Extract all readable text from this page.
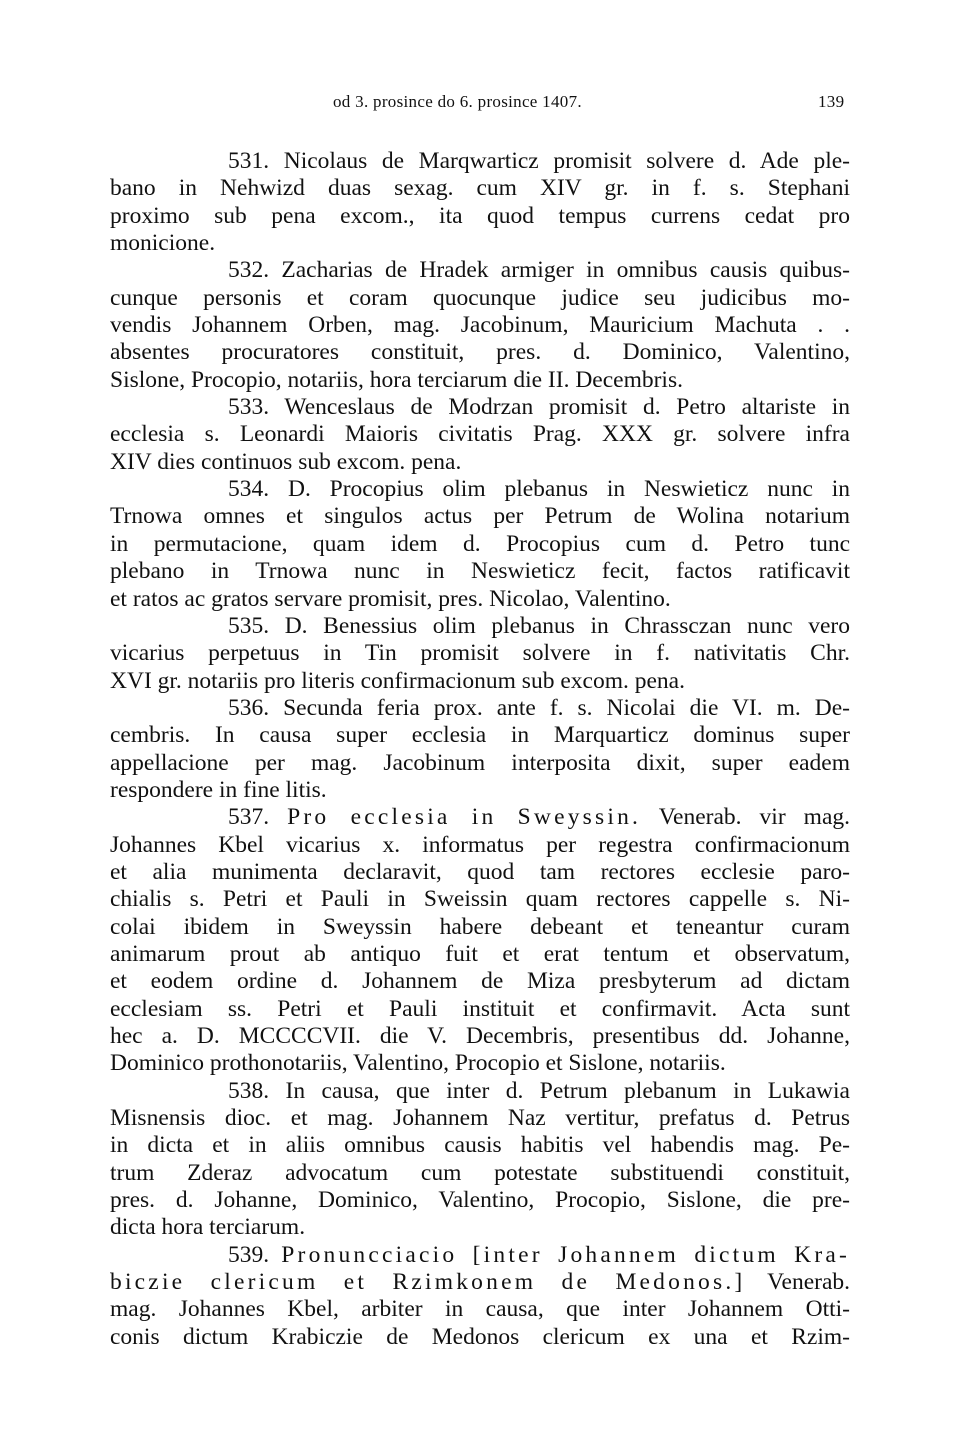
od 3. prosince do 6. prosince 1407.	139
531. Nicolaus de Marqwarticz promisit solvere d. Ade ple-
bano in Nehwizd duas sexag. cum XIV gr. in f. s. Stephani
proximo sub pena excom., ita quod tempus currens cedat pro
monicione.
532. Zacharias de Hradek armiger in omnibus causis quibus-
cunque personis et coram quocunque judice seu judicibus mo-
vendis Johannem Orben, mag. Jacobinum, Mauricium Machuta . .
absentes procuratores constituit, pres. d. Dominico, Valentino,
Sislone, Procopio, notariis, hora terciarum die II. Decembris.
533. Wenceslaus de Modrzan promisit d. Petro altariste in
ecclesia s. Leonardi Maioris civitatis Prag. XXX gr. solvere infra
XIV dies continuos sub excom. pena.
534. D. Procopius olim plebanus in Neswieticz nunc in
Trnowa omnes et singulos actus per Petrum de Wolina notarium
in permutacione, quam idem d. Procopius cum d. Petro tunc
plebano in Trnowa nunc in Neswieticz fecit, factos ratificavit
et ratos ac gratos servare promisit, pres. Nicolao, Valentino.
535. D. Benessius olim plebanus in Chrassczan nunc vero
vicarius perpetuus in Tin promisit solvere in f. nativitatis Chr.
XVI gr. notariis pro literis confirmacionum sub excom. pena.
536. Secunda feria prox. ante f. s. Nicolai die VI. m. De-
cembris. In causa super ecclesia in Marquarticz dominus super
appellacione per mag. Jacobinum interposita dixit, super eadem
respondere in fine litis.
537. Pro ecclesia in Sweyssin. Venerab. vir mag.
Johannes Kbel vicarius x. informatus per regestra confirmacionum
et alia munimenta declaravit, quod tam rectores ecclesie paro-
chialis s. Petri et Pauli in Sweissin quam rectores cappelle s. Ni-
colai ibidem in Sweyssin habere debeant et teneantur curam
animarum prout ab antiquo fuit et erat tentum et observatum,
et eodem ordine d. Johannem de Miza presbyterum ad dictam
ecclesiam ss. Petri et Pauli instituit et confirmavit. Acta sunt
hec a. D. MCCCCVII. die V. Decembris, presentibus dd. Johanne,
Dominico prothonotariis, Valentino, Procopio et Sislone, notariis.
538. In causa, que inter d. Petrum plebanum in Lukawia
Misnensis dioc. et mag. Johannem Naz vertitur, prefatus d. Petrus
in dicta et in aliis omnibus causis habitis vel habendis mag. Pe-
trum Zderaz advocatum cum potestate substituendi constituit,
pres. d. Johanne, Dominico, Valentino, Procopio, Sislone, die pre-
dicta hora terciarum.
539. Pronuncciacio [inter Johannem dictum Kra-
biczie clericum et Rzimkonem de Medonos.] Venerab.
mag. Johannes Kbel, arbiter in causa, que inter Johannem Otti-
conis dictum Krabiczie de Medonos clericum ex una et Rzim-
